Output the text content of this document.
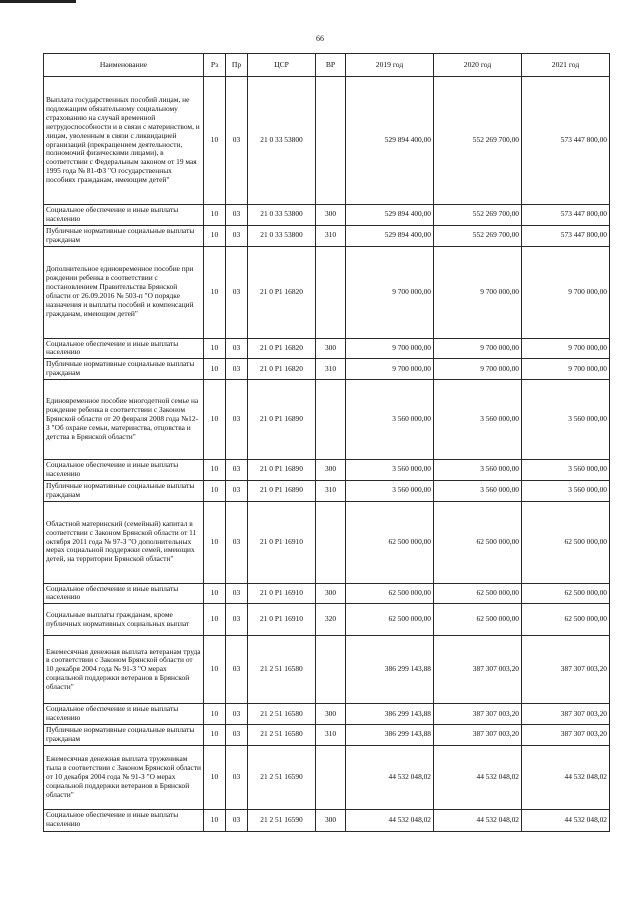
66
Наименование	Рз	Пр	ЦСР	ВР	2019 год	2020 год	2021 год
Выплата государственных пособий лицам, не подлежащим обязательному социальному страхованию на случай временной нетрудоспособности и в связи с материнством, и лицам, уволенным в связи с ликвидацией организаций (прекращением деятельности, полномочий физическими лицами), в соответствии с Федеральным законом от 19 мая 1995 года № 81-ФЗ "О государственных пособиях гражданам, имеющим детей"	10	03	21 0 33 53800		529 894 400,00	552 269 700,00	573 447 800,00
Социальное обеспечение и иные выплаты населению	10	03	21 0 33 53800	300	529 894 400,00	552 269 700,00	573 447 800,00
Публичные нормативные социальные выплаты гражданам	10	03	21 0 33 53800	310	529 894 400,00	552 269 700,00	573 447 800,00
Дополнительное единовременное пособие при рождении ребенка в соответствии с постановлением Правительства Брянской области от 26.09.2016 № 503-п "О порядке назначения и выплаты пособий и компенсаций гражданам, имеющим детей"	10	03	21 0 P1 16820		9 700 000,00	9 700 000,00	9 700 000,00
Социальное обеспечение и иные выплаты населению	10	03	21 0 P1 16820	300	9 700 000,00	9 700 000,00	9 700 000,00
Публичные нормативные социальные выплаты гражданам	10	03	21 0 P1 16820	310	9 700 000,00	9 700 000,00	9 700 000,00
Единовременное пособие многодетной семье на рождение ребенка в соответствии с Законом Брянской области от 20 февраля 2008 года №12-З "Об охране семьи, материнства, отцовства и детства в Брянской области"	10	03	21 0 P1 16890		3 560 000,00	3 560 000,00	3 560 000,00
Социальное обеспечение и иные выплаты населению	10	03	21 0 P1 16890	300	3 560 000,00	3 560 000,00	3 560 000,00
Публичные нормативные социальные выплаты гражданам	10	03	21 0 P1 16890	310	3 560 000,00	3 560 000,00	3 560 000,00
Областной материнский (семейный) капитал в соответствии с Законом Брянской области от 11 октября 2011 года № 97-З "О дополнительных мерах социальной поддержки семей, имеющих детей, на территории Брянской области"	10	03	21 0 P1 16910		62 500 000,00	62 500 000,00	62 500 000,00
Социальное обеспечение и иные выплаты населению	10	03	21 0 P1 16910	300	62 500 000,00	62 500 000,00	62 500 000,00
Социальные выплаты гражданам, кроме публичных нормативных социальных выплат	10	03	21 0 P1 16910	320	62 500 000,00	62 500 000,00	62 500 000,00
Ежемесячная денежная выплата ветеранам труда в соответствии с Законом Брянской области от 10 декабря 2004 года № 91-З "О мерах социальной поддержки ветеранов в Брянской области"	10	03	21 2 51 16580		386 299 143,88	387 307 003,20	387 307 003,20
Социальное обеспечение и иные выплаты населению	10	03	21 2 51 16580	300	386 299 143,88	387 307 003,20	387 307 003,20
Публичные нормативные социальные выплаты гражданам	10	03	21 2 51 16580	310	386 299 143,88	387 307 003,20	387 307 003,20
Ежемесячная денежная выплата труженикам тыла в соответствии с Законом Брянской области от 10 декабря 2004 года № 91-З "О мерах социальной поддержки ветеранов в Брянской области"	10	03	21 2 51 16590		44 532 048,02	44 532 048,02	44 532 048,02
Социальное обеспечение и иные выплаты населению	10	03	21 2 51 16590	300	44 532 048,02	44 532 048,02	44 532 048,02
